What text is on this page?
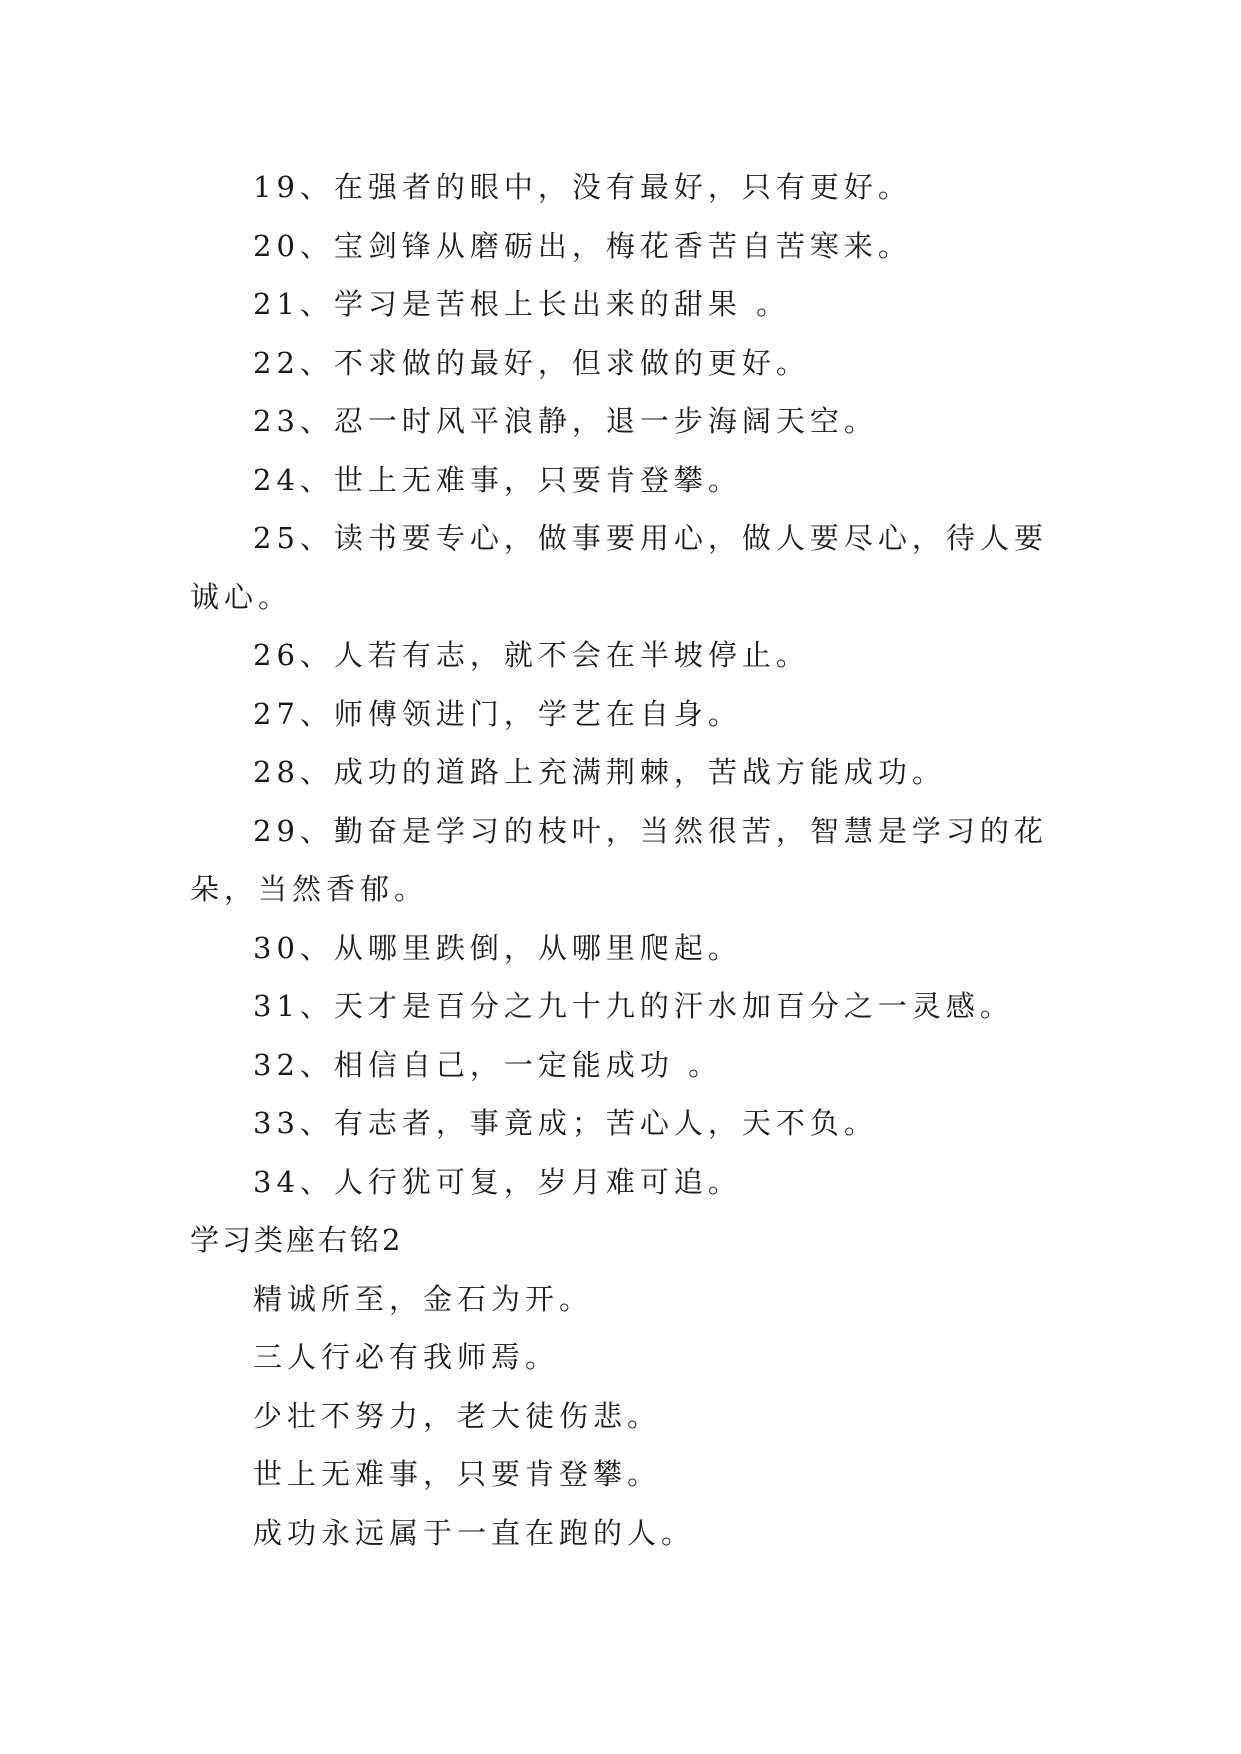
19、在强者的眼中，没有最好，只有更好。

20、宝剑锋从磨砺出，梅花香苦自苦寒来。

21、学习是苦根上长出来的甜果 。

22、不求做的最好，但求做的更好。

23、忍一时风平浪静，退一步海阔天空。

24、世上无难事，只要肯登攀。

25、读书要专心，做事要用心，做人要尽心，待人要诚心。

26、人若有志，就不会在半坡停止。

27、师傅领进门，学艺在自身。

28、成功的道路上充满荆棘，苦战方能成功。

29、勤奋是学习的枝叶，当然很苦，智慧是学习的花朵，当然香郁。

30、从哪里跌倒，从哪里爬起。

31、天才是百分之九十九的汗水加百分之一灵感。

32、相信自己，一定能成功 。

33、有志者，事竟成；苦心人，天不负。

34、人行犹可复，岁月难可追。

学习类座右铭2

精诚所至，金石为开。

三人行必有我师焉。

少壮不努力，老大徒伤悲。

世上无难事，只要肯登攀。

成功永远属于一直在跑的人。
